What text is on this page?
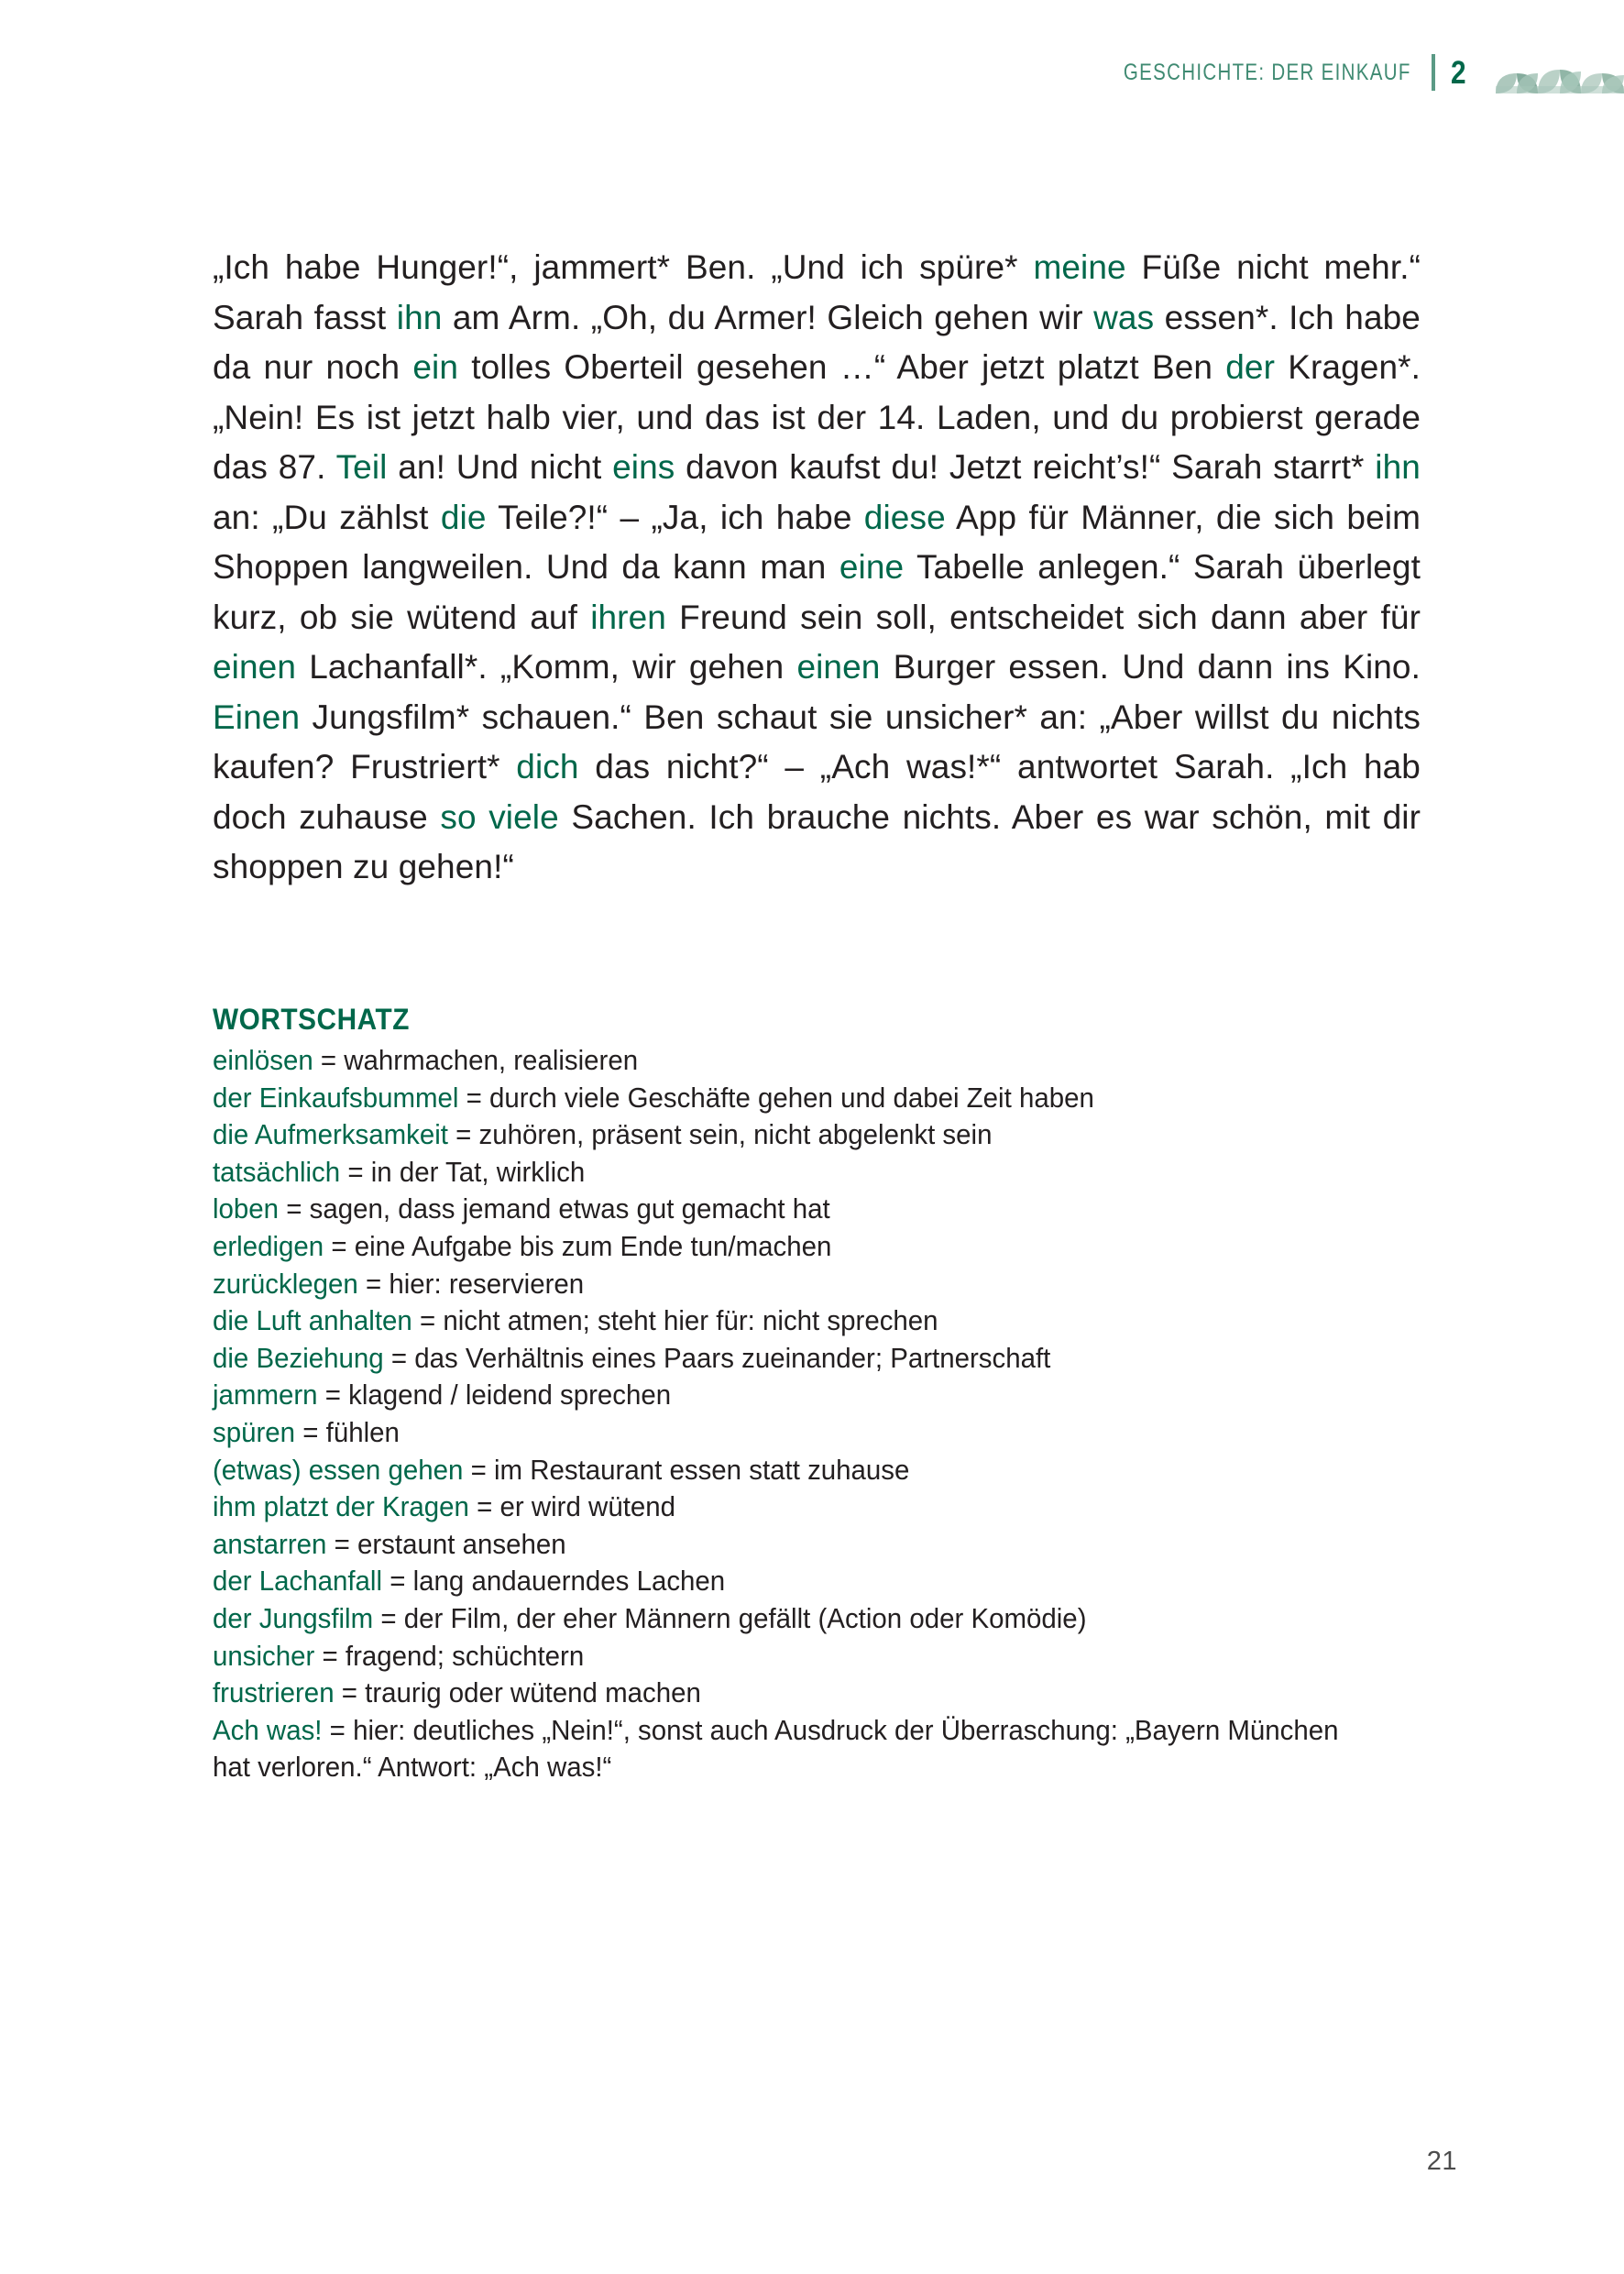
GESCHICHTE: DER EINKAUF 2

„Ich habe Hunger!“, jammert* Ben. „Und ich spüre* meine Füße nicht mehr.“ Sarah fasst ihn am Arm. „Oh, du Armer! Gleich gehen wir was essen*. Ich habe da nur noch ein tolles Oberteil gesehen …“ Aber jetzt platzt Ben der Kragen*. „Nein! Es ist jetzt halb vier, und das ist der 14. Laden, und du probierst gerade das 87. Teil an! Und nicht eins davon kaufst du! Jetzt reicht’s!“ Sarah starrt* ihn an: „Du zählst die Teile?!“ – „Ja, ich habe diese App für Männer, die sich beim Shoppen langweilen. Und da kann man eine Tabelle anlegen.“ Sarah überlegt kurz, ob sie wütend auf ihren Freund sein soll, entscheidet sich dann aber für einen Lachanfall*. „Komm, wir gehen einen Burger essen. Und dann ins Kino. Einen Jungsfilm* schauen.“ Ben schaut sie unsicher* an: „Aber willst du nichts kaufen? Frustriert* dich das nicht?“ – „Ach was!*“ antwortet Sarah. „Ich hab doch zuhause so viele Sachen. Ich brauche nichts. Aber es war schön, mit dir shoppen zu gehen!“

WORTSCHATZ
einlösen = wahrmachen, realisieren
der Einkaufsbummel = durch viele Geschäfte gehen und dabei Zeit haben
die Aufmerksamkeit = zuhören, präsent sein, nicht abgelenkt sein
tatsächlich = in der Tat, wirklich
loben = sagen, dass jemand etwas gut gemacht hat
erledigen = eine Aufgabe bis zum Ende tun/machen
zurücklegen = hier: reservieren
die Luft anhalten = nicht atmen; steht hier für: nicht sprechen
die Beziehung = das Verhältnis eines Paars zueinander; Partnerschaft
jammern = klagend / leidend sprechen
spüren = fühlen
(etwas) essen gehen = im Restaurant essen statt zuhause
ihm platzt der Kragen = er wird wütend
anstarren = erstaunt ansehen
der Lachanfall = lang andauerndes Lachen
der Jungsfilm = der Film, der eher Männern gefällt (Action oder Komödie)
unsicher = fragend; schüchtern
frustrieren = traurig oder wütend machen
Ach was! = hier: deutliches „Nein!“, sonst auch Ausdruck der Überraschung: „Bayern München hat verloren.“ Antwort: „Ach was!“
21
